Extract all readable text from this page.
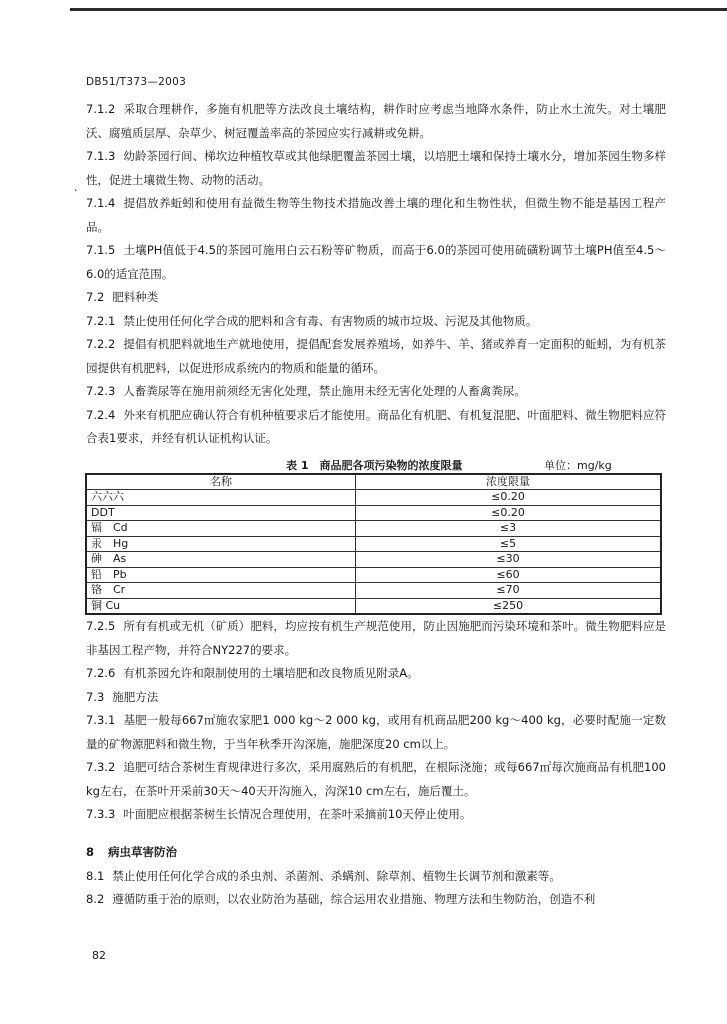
·
DB51/T373—2003
7.1.2 采取合理耕作，多施有机肥等方法改良土壤结构，耕作时应考虑当地降水条件，防止水土流失。对土壤肥沃、腐殖质层厚、杂草少、树冠覆盖率高的茶园应实行减耕或免耕。
7.1.3 幼龄茶园行间、梯坎边种植牧草或其他绿肥覆盖茶园土壤，以培肥土壤和保持土壤水分，增加茶园生物多样性，促进土壤微生物、动物的活动。
7.1.4 提倡放养蚯蚓和使用有益微生物等生物技术措施改善土壤的理化和生物性状，但微生物不能是基因工程产品。
7.1.5 土壤PH值低于4.5的茶园可施用白云石粉等矿物质，而高于6.0的茶园可使用硫磺粉调节土壤PH值至4.5～6.0的适宜范围。
7.2 肥料种类
7.2.1 禁止使用任何化学合成的肥料和含有毒、有害物质的城市垃圾、污泥及其他物质。
7.2.2 提倡有机肥料就地生产就地使用，提倡配套发展养殖场，如养牛、羊、猪或养育一定面积的蚯蚓，为有机茶园提供有机肥料，以促进形成系统内的物质和能量的循环。
7.2.3 人畜粪尿等在施用前须经无害化处理，禁止施用未经无害化处理的人畜禽粪尿。
7.2.4 外来有机肥应确认符合有机种植要求后才能使用。商品化有机肥、有机复混肥、叶面肥料、微生物肥料应符合表1要求，并经有机认证机构认证。
表 1　商品肥各项污染物的浓度限量	单位：mg/kg
名称	浓度限量
六六六	≤0.20
DDT	≤0.20
镉　Cd	≤3
汞　Hg	≤5
砷　As	≤30
铅　Pb	≤60
铬　Cr	≤70
铜 Cu	≤250
7.2.5 所有有机或无机（矿质）肥料，均应按有机生产规范使用，防止因施肥而污染环境和茶叶。微生物肥料应是非基因工程产物，并符合NY227的要求。
7.2.6 有机茶园允许和限制使用的土壤培肥和改良物质见附录A。
7.3 施肥方法
7.3.1 基肥一般每667㎡施农家肥1 000 kg～2 000 kg，或用有机商品肥200 kg～400 kg，必要时配施一定数量的矿物源肥料和微生物，于当年秋季开沟深施，施肥深度20 cm以上。
7.3.2 追肥可结合茶树生育规律进行多次，采用腐熟后的有机肥，在根际浇施；或每667㎡每次施商品有机肥100 kg左右，在茶叶开采前30天～40天开沟施入，沟深10 cm左右，施后覆土。
7.3.3 叶面肥应根据茶树生长情况合理使用，在茶叶采摘前10天停止使用。
8 病虫草害防治
8.1 禁止使用任何化学合成的杀虫剂、杀菌剂、杀螨剂、除草剂、植物生长调节剂和激素等。
8.2 遵循防重于治的原则，以农业防治为基础，综合运用农业措施、物理方法和生物防治，创造不利
82
